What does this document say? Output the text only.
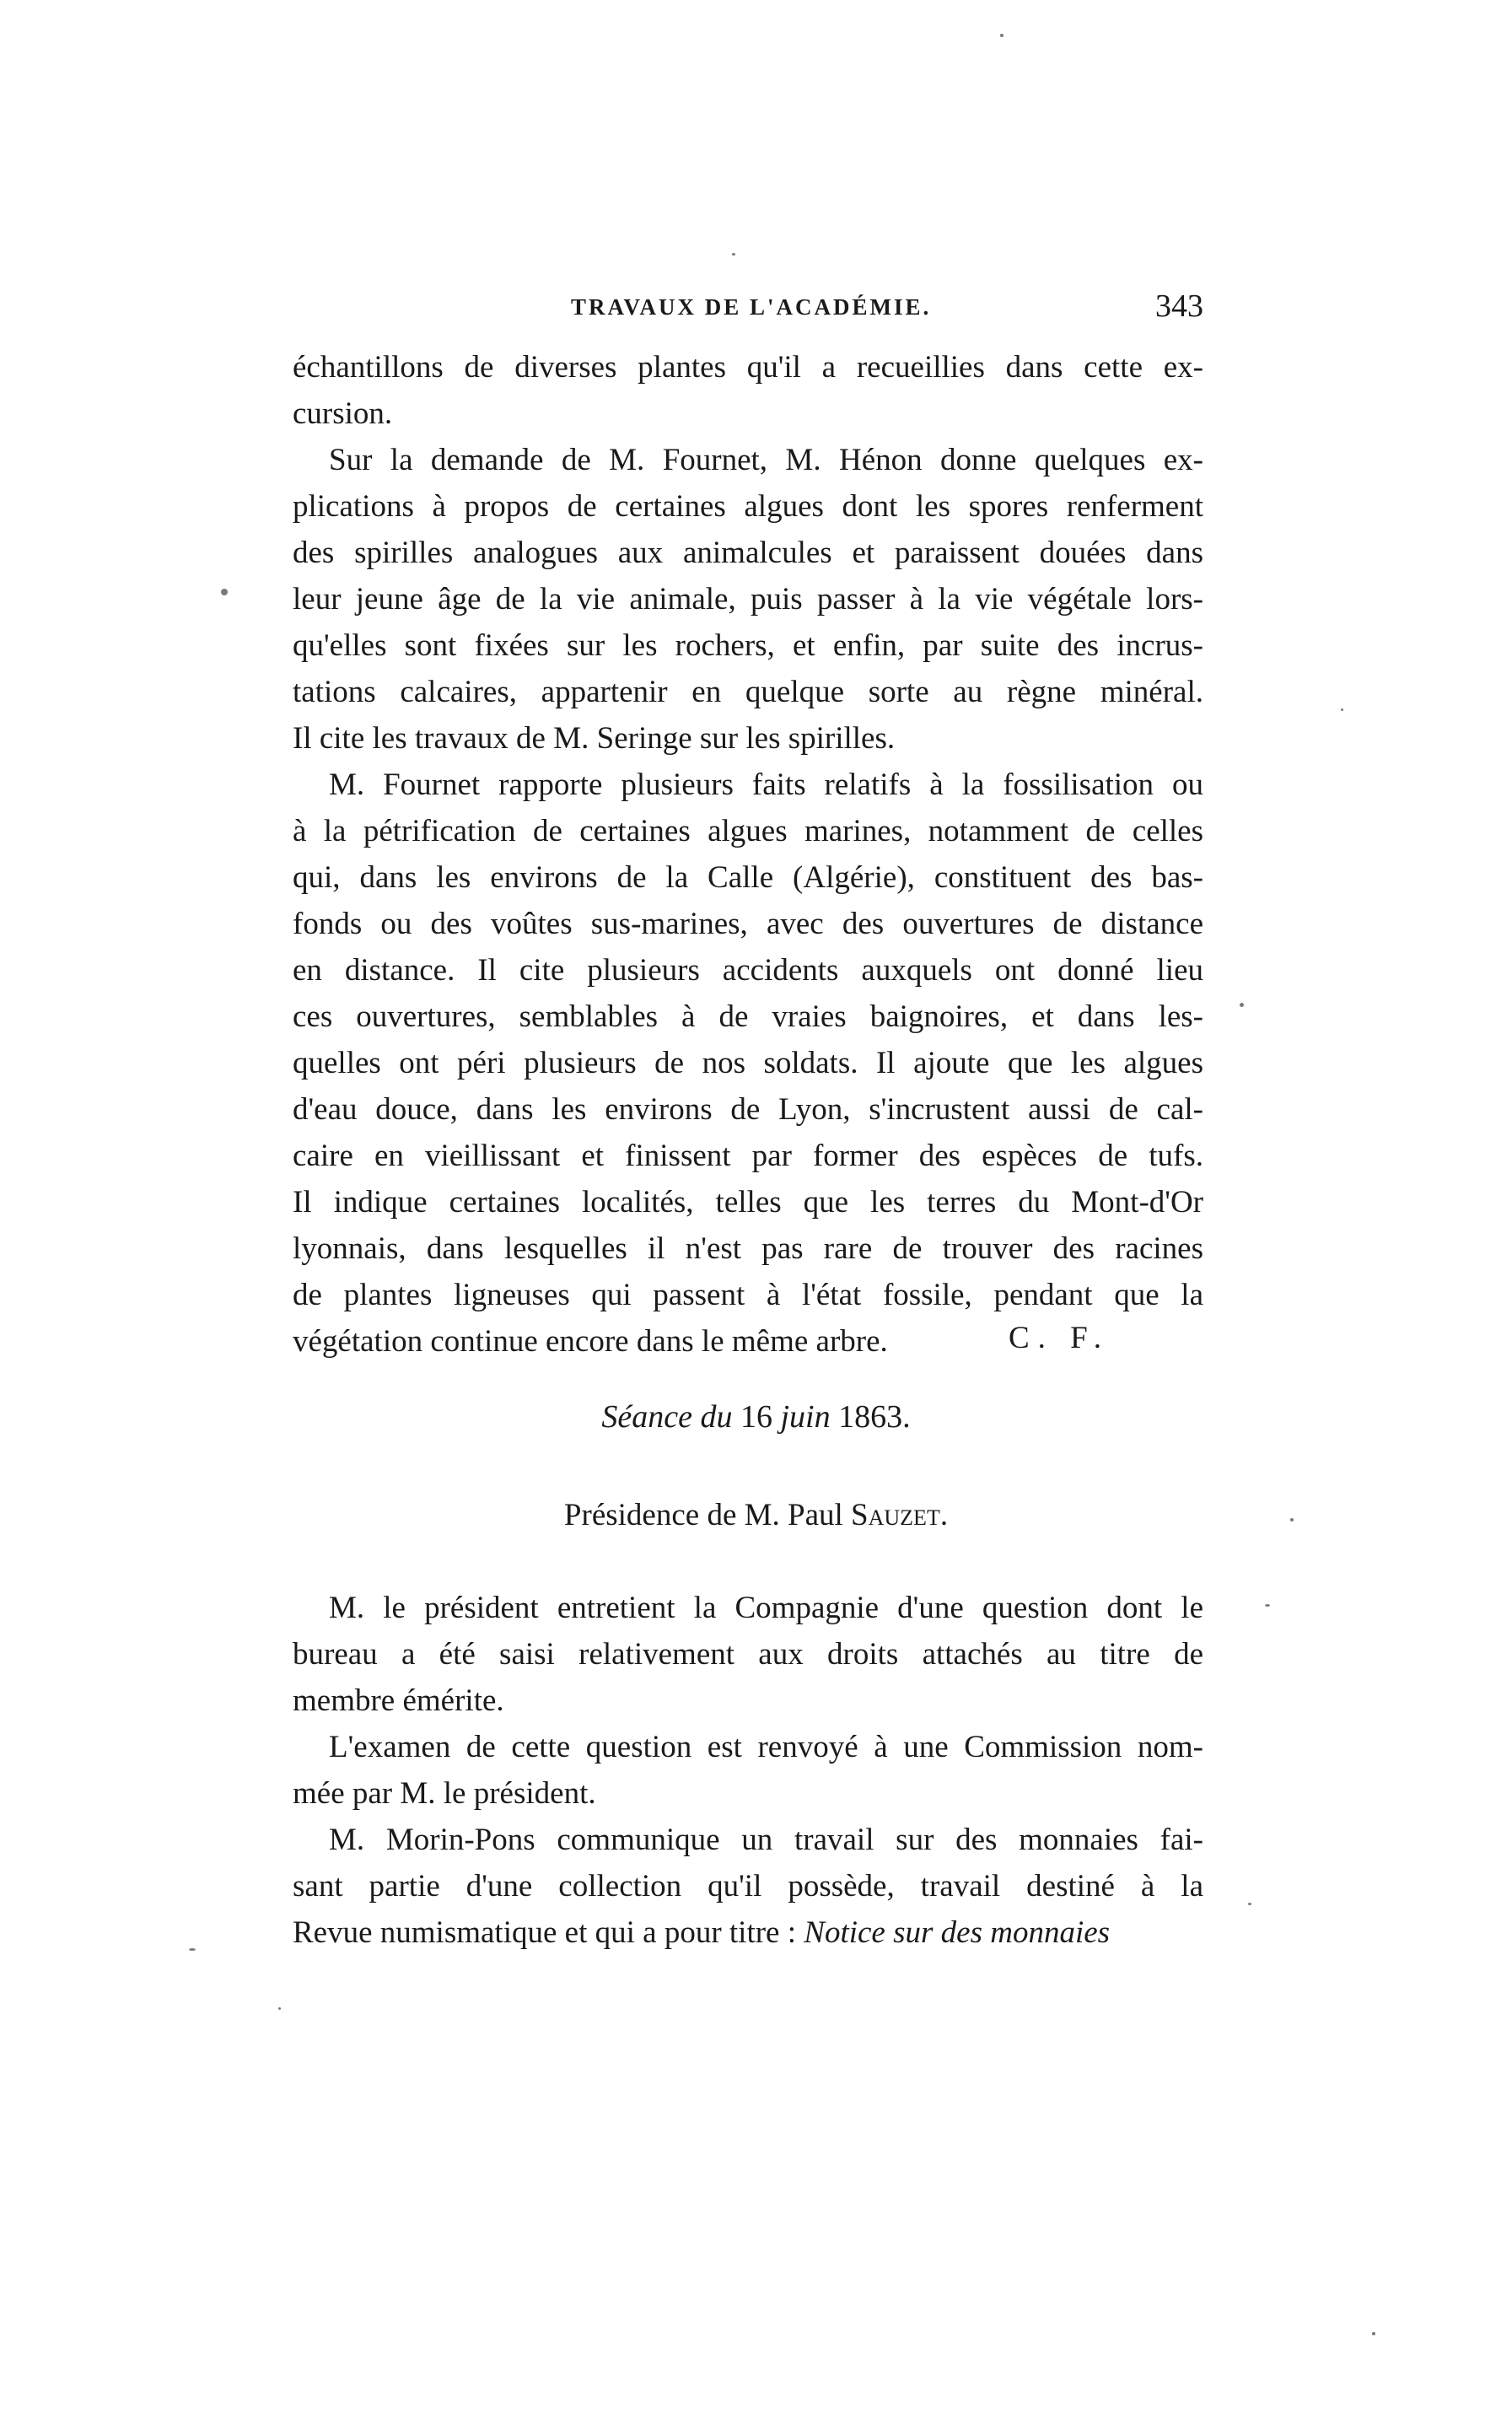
TRAVAUX DE L'ACADÉMIE.	343
échantillons de diverses plantes qu'il a recueillies dans cette ex-
cursion.
Sur la demande de M. Fournet, M. Hénon donne quelques ex-
plications à propos de certaines algues dont les spores renferment
des spirilles analogues aux animalcules et paraissent douées dans
leur jeune âge de la vie animale, puis passer à la vie végétale lors-
qu'elles sont fixées sur les rochers, et enfin, par suite des incrus-
tations calcaires, appartenir en quelque sorte au règne minéral.
Il cite les travaux de M. Seringe sur les spirilles.
M. Fournet rapporte plusieurs faits relatifs à la fossilisation ou
à la pétrification de certaines algues marines, notamment de celles
qui, dans les environs de la Calle (Algérie), constituent des bas-
fonds ou des voûtes sus-marines, avec des ouvertures de distance
en distance. Il cite plusieurs accidents auxquels ont donné lieu
ces ouvertures, semblables à de vraies baignoires, et dans les-
quelles ont péri plusieurs de nos soldats. Il ajoute que les algues
d'eau douce, dans les environs de Lyon, s'incrustent aussi de cal-
caire en vieillissant et finissent par former des espèces de tufs.
Il indique certaines localités, telles que les terres du Mont-d'Or
lyonnais, dans lesquelles il n'est pas rare de trouver des racines
de plantes ligneuses qui passent à l'état fossile, pendant que la
végétation continue encore dans le même arbre.	C. F.
Séance du 16 juin 1863.
Présidence de M. Paul Sauzet.
M. le président entretient la Compagnie d'une question dont le
bureau a été saisi relativement aux droits attachés au titre de
membre émérite.
L'examen de cette question est renvoyé à une Commission nom-
mée par M. le président.
M. Morin-Pons communique un travail sur des monnaies fai-
sant partie d'une collection qu'il possède, travail destiné à la
Revue numismatique et qui a pour titre : Notice sur des monnaies
